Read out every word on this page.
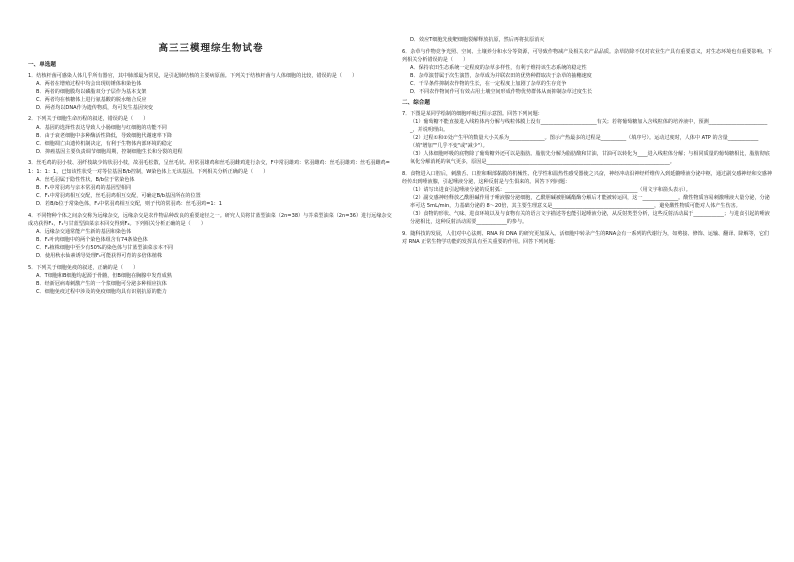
高三三模理综生物试卷
一、单选题
1．结核杆菌可感染人体几乎所有器官，其中肺部最为常见，是引起肺结核的主要病原菌。下列关于结核杆菌与人体细胞的比较，错误的是（　　）
A．两者在增殖过程中均会出现纺锤体和染色体
B．两者的细胞膜均以磷脂双分子层作为基本支架
C．两者均在核糖体上进行氨基酸的脱水缩合反应
D．两者均以DNA作为遗传物质，均可发生基因突变
2．下列关于细胞生命历程的叙述，错误的是（　　）
A．基因的选择性表达导致人小肠细胞与红细胞的功能不同
B．由于衰老细胞中多种酶活性降低，导致细胞代谢速率下降
C．细胞凋亡由遗传机制决定，有利于生物体内部环境的稳定
D．抑癌基因主要负责调节细胞周期，控制细胞生长和分裂的进程
3．丝毛鸡的羽小枝、羽纤枝缺少钩状羽小枝，故羽毛松散，呈丝毛状。用常羽雄鸡和丝毛羽雌鸡进行杂交，F中常羽雄鸡：常羽雌鸡：丝毛羽雄鸡：丝毛羽雌鸡=1：1：1：1，已知该性状受一对等位基因B/b控制，W染色体上无该基因。下列相关分析正确的是（　　）
A．丝毛羽属于隐性性状，B/b位于常染色体
B．F₁中常羽鸡与亲本常羽鸡的基因型相同
C．F₁中常羽鸡相互交配，丝毛羽鸡相互交配，可确定B/b基因所在的位置
D．若B/b位于常染色体，F₁中常羽鸡相互交配，则子代的常羽鸡：丝毛羽鸡=1：1
4．不同物种个体之间杂交称为远缘杂交，远缘杂交是农作物品种改良的重要途径之一。研究人员将甘蓝型油菜（2n=38）与芥菜型油菜（2n=36）进行远缘杂交成功获得F₁，F₁与甘蓝型油菜亲本回交得到F₂。下列相关分析正确的是（　　）
A．远缘杂交通常能产生新的基因和染色体
B．F₁叶肉细胞中的两个染色体组含有74条染色体
C．F₂植株细胞中至少有50%的染色体与甘蓝型油菜亲本不同
D．使用秋水仙素诱导处理F₁可能获得可育的多倍体植株
5．下列关于细胞免疫的叙述，正确的是（　　）
A．T细胞和B细胞均起源于骨髓，但B细胞在胸腺中发育成熟
B．经新冠病毒刺激产生的一个浆细胞可分泌多种相应抗体
C．细胞免疫过程中涉及的免疫细胞均具有识别抗原的能力
D．效应T细胞先使靶细胞裂解释放抗原，然后再将抗原消灭
6．杂草与作物竞争光照、空间、土壤养分和水分等资源，可导致作物减产及相关农产品品质。杂草防除不仅对农业生产具有重要意义，对生态环境也有重要影响。下列相关分析错误的是（　　）
A．保持农田生态系统一定程度的杂草多样性，有利于维持该生态系统的稳定性
B．杂草演替属于次生演替，杂草成为并联农田的优势种群取决于杂草的抽穗速度
C．干旱条件抑制农作物的生长，在一定程度上加剧了杂草的生存竞争
D．不同农作物间作可有效占用土壤空间形成作物优势群体从而抑制杂草过度生长
二、综合题
7．下图是某同学绘制的细胞呼吸过程示意图。回答下列问题：
（1）葡萄糖不能直接进入线粒体内分解与线粒体膜上没有______________________有关；若将葡萄糖加入含线粒体的培养液中，预测________________________，并说明理由。
（2）过程①和②处产生甲的数量大小关系为______________。图示产热最多的过程是__________（填序号）。运动过度时，人体中 ATP 的含量____________（填"增加""几乎不变"或"减少"）。
（3）人体细胞呼吸的底物除了葡萄糖外还可以是脂肪。脂肪先分解为脂肪酸和甘油，甘油可以转化为____进入线粒体分解；与相同质量的葡萄糖相比，脂肪彻底氧化分解消耗的氧气更多，原因是________________________________________________________________________。
8．食物进入口腔后，刺激舌、口腔和咽部黏膜的机械性、化学性和温热性感受器使之兴奋，神经冲动沿神经纤维传入到延髓唾液分泌中枢，通过副交感神经和交感神经传出到唾液腺，引起唾液分泌，这种反射是与生俱来的。回答下列问题：
（1）请写出进食引起唾液分泌的反射弧：____________________________________________________（用文字和箭头表示）。
（2）副交感神经释放乙酰胆碱作用于唾液腺分泌细胞，乙酰胆碱被胆碱酯酶分解后才能被转运回，这一______________。酸性物质容易刺激唾液大量分泌，分泌率可达 5mL/min，力基础分泌的 8～20倍，其主要生理意义是________________________________________，避免酸性物质可能对人体产生伤害。
（3）食物的形状、气味、进食环境以及与食物有关的语言文字描述等也能引起唾液分泌，从反射类型分析，这些反射活动属于____________；与进食引起的唾液分泌相比，这种反射活动需要____________的参与。
9．随科技的发展，人们对中心法则、RNA 和 DNA 的研究更加深入。活细胞中转录产生的RNA会有一系列的代谢行为，如剪接、修饰、运输、翻译、降解等，它们对 RNA 正常生物学功能的发挥具有至关重要的作用。回答下列问题：
